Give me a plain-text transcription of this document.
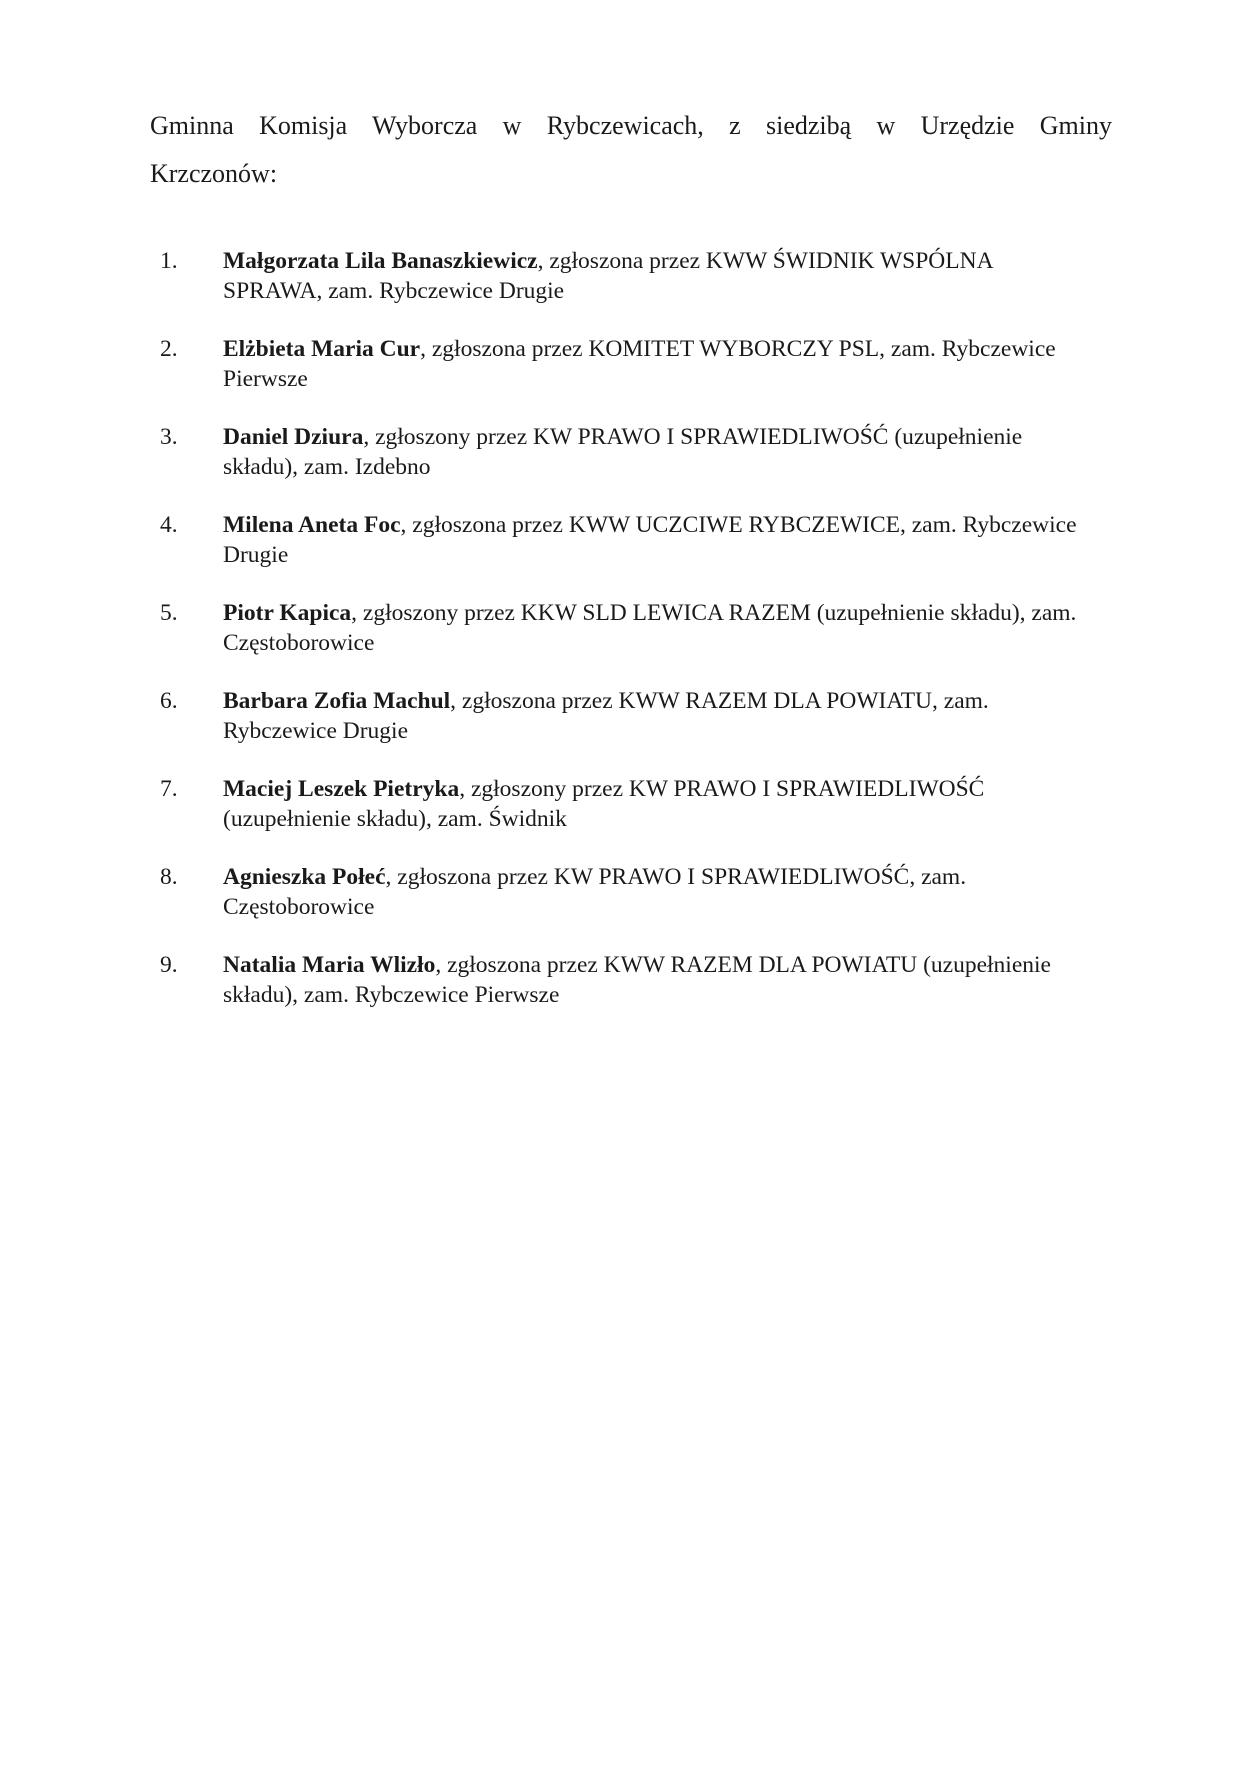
Gminna Komisja Wyborcza w Rybczewicach, z siedzibą w Urzędzie Gminy Krzczonów:

1.	Małgorzata Lila Banaszkiewicz, zgłoszona przez KWW ŚWIDNIK WSPÓLNA SPRAWA, zam. Rybczewice Drugie
2.	Elżbieta Maria Cur, zgłoszona przez KOMITET WYBORCZY PSL, zam. Rybczewice Pierwsze
3.	Daniel Dziura, zgłoszony przez KW PRAWO I SPRAWIEDLIWOŚĆ (uzupełnienie składu), zam. Izdebno
4.	Milena Aneta Foc, zgłoszona przez KWW UCZCIWE RYBCZEWICE, zam. Rybczewice Drugie
5.	Piotr Kapica, zgłoszony przez KKW SLD LEWICA RAZEM (uzupełnienie składu), zam. Częstoborowice
6.	Barbara Zofia Machul, zgłoszona przez KWW RAZEM DLA POWIATU, zam. Rybczewice Drugie
7.	Maciej Leszek Pietryka, zgłoszony przez KW PRAWO I SPRAWIEDLIWOŚĆ (uzupełnienie składu), zam. Świdnik
8.	Agnieszka Połeć, zgłoszona przez KW PRAWO I SPRAWIEDLIWOŚĆ, zam. Częstoborowice
9.	Natalia Maria Wlizło, zgłoszona przez KWW RAZEM DLA POWIATU (uzupełnienie składu), zam. Rybczewice Pierwsze
